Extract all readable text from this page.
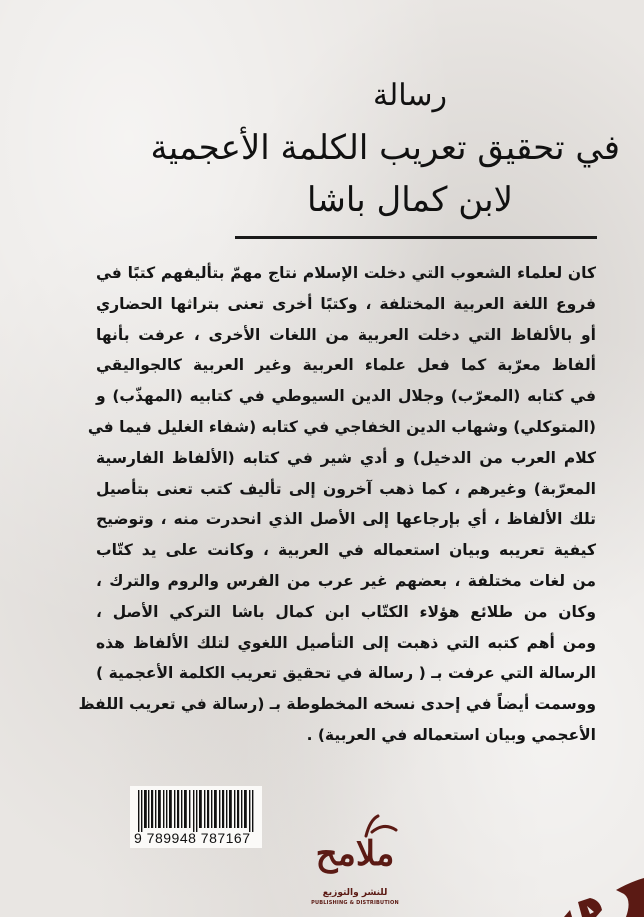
رسالة
في تحقيق تعريب الكلمة الأعجمية
لابن كمال باشا
كان لعلماء الشعوب التي دخلت الإسلام نتاج مهمّ بتأليفهم كتبًا في
فروع اللغة العربية المختلفة ، وكتبًا أخرى تعنى بتراثها الحضاري
أو بالألفاظ التي دخلت العربية من اللغات الأخرى ، عرفت بأنها
ألفاظ معرّبة كما فعل علماء العربية وغير العربية كالجواليقي
في كتابه (المعرّب) وجلال الدين السيوطي في كتابيه (المهذّب) و
(المتوكلي) وشهاب الدين الخفاجي في كتابه (شفاء الغليل فيما في
كلام العرب من الدخيل) و أدي شير في كتابه (الألفاظ الفارسية
المعرّبة) وغيرهم ، كما ذهب آخرون إلى تأليف كتب تعنى بتأصيل
تلك الألفاظ ، أي بإرجاعها إلى الأصل الذي انحدرت منه ، وتوضيح
كيفية تعريبه وبيان استعماله في العربية ، وكانت على يد كتّاب
من لغات مختلفة ، بعضهم غير عرب من الفرس والروم والترك ،
وكان من طلائع هؤلاء الكتّاب ابن كمال باشا التركي الأصل ،
ومن أهم كتبه التي ذهبت إلى التأصيل اللغوي لتلك الألفاظ هذه
الرسالة التي عرفت بـ ( رسالة في تحقيق تعريب الكلمة الأعجمية )
ووسمت أيضاً في إحدى نسخه المخطوطة بـ (رسالة في تعريب اللفظ
الأعجمي وبيان استعماله في العربية) .
9 789948 787167 ملامح
للنشر والتوزيع
PUBLISHING & DISTRIBUTION
